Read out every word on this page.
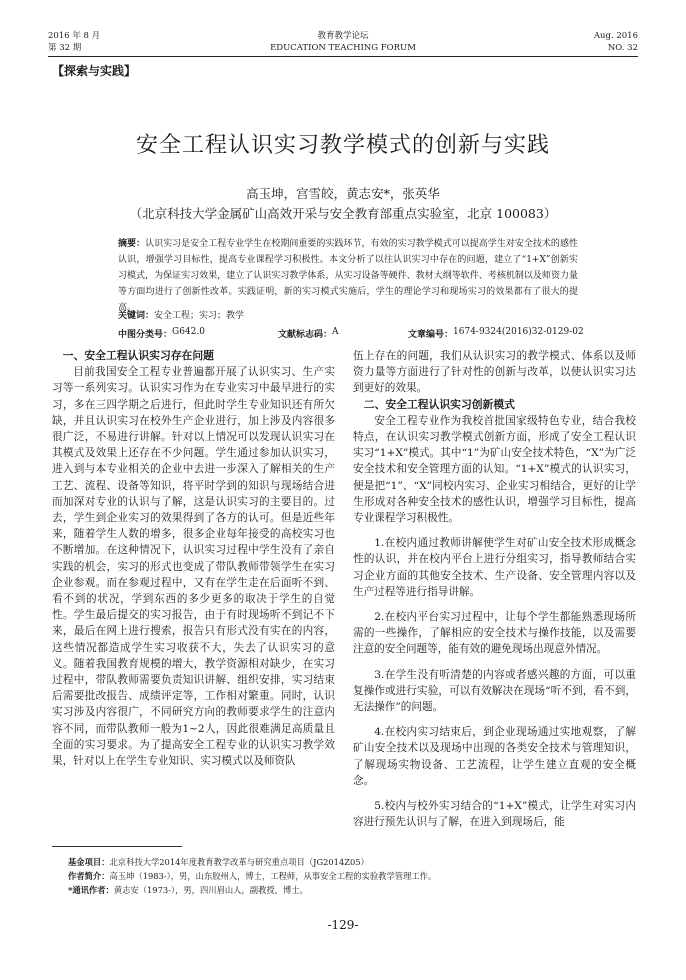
2016 年 8 月
第 32 期
教育教学论坛
EDUCATION TEACHING FORUM
Aug. 2016
NO. 32
【探索与实践】
安全工程认识实习教学模式的创新与实践
高玉坤，宫雪皎，黄志安*，张英华
（北京科技大学金属矿山高效开采与安全教育部重点实验室，北京 100083）
摘要：认识实习是安全工程专业学生在校期间重要的实践环节，有效的实习教学模式可以提高学生对安全技术的感性认识，增强学习目标性，提高专业课程学习积极性。本文分析了以往认识实习中存在的问题，建立了“1+X”创新实习模式，为保证实习效果，建立了认识实习教学体系，从实习设备等硬件、教材大纲等软件、考核机制以及师资力量等方面均进行了创新性改革。实践证明，新的实习模式实施后，学生的理论学习和现场实习的效果都有了很大的提高。
关键词：安全工程；实习；教学
中图分类号： G642.0	文献标志码： A	文章编号： 1674-9324(2016)32-0129-02
一、安全工程认识实习存在问题

目前我国安全工程专业普遍都开展了认识实习、生产实习等一系列实习。认识实习作为在专业实习中最早进行的实习，多在三四学期之后进行，但此时学生专业知识还有所欠缺，并且认识实习在校外生产企业进行，加上涉及内容很多很广泛，不易进行讲解。针对以上情况可以发现认识实习在其模式及效果上还存在不少问题。学生通过参加认识实习，进入到与本专业相关的企业中去进一步深入了解相关的生产工艺、流程、设备等知识，将平时学到的知识与现场结合进而加深对专业的认识与了解，这是认识实习的主要目的。过去，学生到企业实习的效果得到了各方的认可。但是近些年来，随着学生人数的增多，很多企业每年接受的高校实习也不断增加。在这种情况下，认识实习过程中学生没有了亲自实践的机会，实习的形式也变成了带队教师带领学生在实习企业参观。而在参观过程中，又有在学生走在后面听不到、看不到的状况，学到东西的多少更多的取决于学生的自觉性。学生最后提交的实习报告，由于有时现场听不到记不下来，最后在网上进行搜索，报告只有形式没有实在的内容，这些情况都造成学生实习收获不大，失去了认识实习的意义。随着我国教育规模的增大，教学资源相对缺少，在实习过程中，带队教师需要负责知识讲解、组织安排，实习结束后需要批改报告、成绩评定等，工作相对繁重。同时，认识实习涉及内容很广，不同研究方向的教师要求学生的注意内容不同，而带队教师一般为1~2人，因此很难满足高质量且全面的实习要求。为了提高安全工程专业的认识实习教学效果，针对以上在学生专业知识、实习模式以及师资队

伍上存在的问题，我们从认识实习的教学模式、体系以及师资力量等方面进行了针对性的创新与改革，以使认识实习达到更好的效果。

二、安全工程认识实习创新模式

安全工程专业作为我校首批国家级特色专业，结合我校特点，在认识实习教学模式创新方面，形成了安全工程认识实习“1+X”模式。其中“1”为矿山安全技术特色，“X”为广泛安全技术和安全管理方面的认知。“1+X”模式的认识实习，便是把“1”、“X”同校内实习、企业实习相结合，更好的让学生形成对各种安全技术的感性认识，增强学习目标性，提高专业课程学习积极性。

1.在校内通过教师讲解使学生对矿山安全技术形成概念性的认识，并在校内平台上进行分组实习，指导教师结合实习企业方面的其他安全技术、生产设备、安全管理内容以及生产过程等进行指导讲解。

2.在校内平台实习过程中，让每个学生都能熟悉现场所需的一些操作，了解相应的安全技术与操作技能，以及需要注意的安全问题等，能有效的避免现场出现意外情况。

3.在学生没有听清楚的内容或者感兴趣的方面，可以重复操作或进行实验，可以有效解决在现场“听不到，看不到，无法操作”的问题。

4.在校内实习结束后，到企业现场通过实地观察，了解矿山安全技术以及现场中出现的各类安全技术与管理知识，了解现场实物设备、工艺流程，让学生建立直观的安全概念。

5.校内与校外实习结合的“1+X”模式，让学生对实习内容进行预先认识与了解，在进入到现场后，能

基金项目：北京科技大学2014年度教育教学改革与研究重点项目（JG2014Z05）
作者简介：高玉坤（1983-），男，山东胶州人，博士，工程师，从事安全工程的实验教学管理工作。
*通讯作者：黄志安（1973-），男，四川眉山人，副教授，博士。
-129-
